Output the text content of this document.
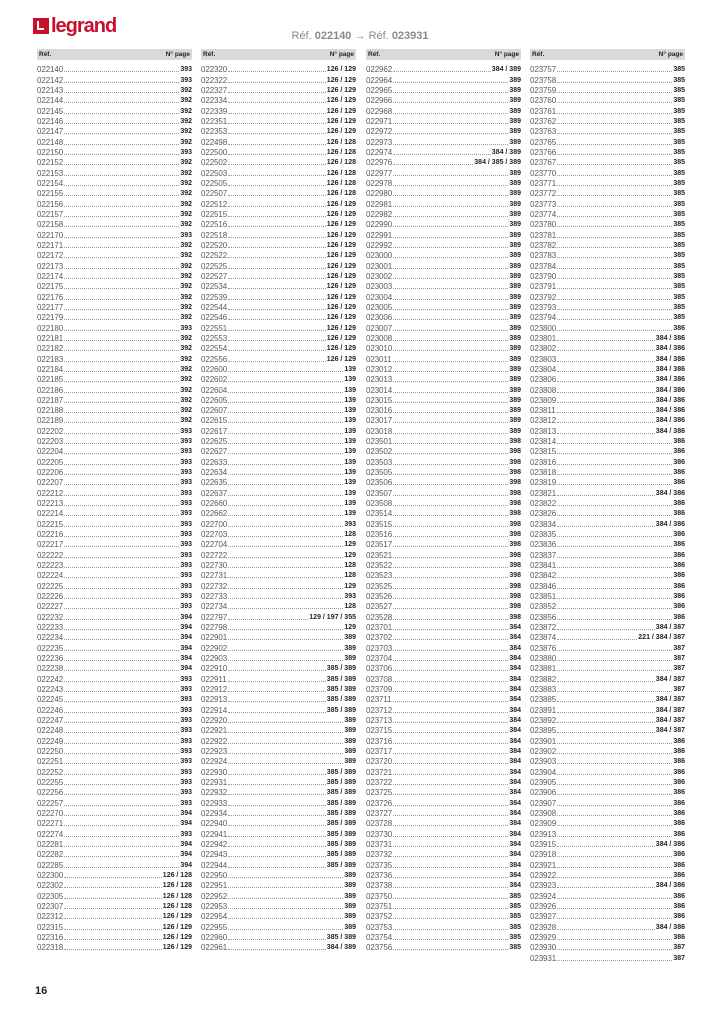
legrand	Réf. 022140 → Réf. 023931
Réf.	N° page
022140	393
022142	393
022143	392
022144	392
022145	392
022146	392
022147	392
022148	392
022150	393
022152	392
022153	392
022154	392
022155	392
022156	392
022157	392
022158	392
022170	393
022171	392
022172	392
022173	392
022174	392
022175	392
022176	392
022177	392
022179	392
022180	393
022181	392
022182	392
022183	392
022184	392
022185	392
022186	392
022187	392
022188	392
022189	392
022202	393
022203	393
022204	393
022205	393
022206	393
022207	393
022212	393
022213	393
022214	393
022215	393
022216	393
022217	393
022222	393
022223	393
022224	393
022225	393
022226	393
022227	393
022232	394
022233	394
022234	394
022235	394
022236	394
022238	394
022242	393
022243	393
022245	393
022246	393
022247	393
022248	393
022249	393
022250	393
022251	393
022252	393
022255	393
022256	393
022257	393
022270	394
022271	394
022274	393
022281	394
022282	394
022285	394
022300	126 / 128
022302	126 / 128
022305	126 / 128
022307	126 / 128
022312	126 / 129
022315	126 / 129
022316	126 / 129
022318	126 / 129
Réf.	N° page
022320	126 / 129
022322	126 / 129
022327	126 / 129
022334	126 / 129
022339	126 / 129
022351	126 / 129
022353	126 / 129
022498	126 / 128
022500	126 / 128
022502	126 / 128
022503	126 / 128
022505	126 / 128
022507	126 / 128
022512	126 / 129
022515	126 / 129
022516	126 / 129
022518	126 / 129
022520	126 / 129
022522	126 / 129
022525	126 / 129
022527	126 / 129
022534	126 / 129
022539	126 / 129
022544	126 / 129
022546	126 / 129
022551	126 / 129
022553	126 / 129
022554	126 / 129
022556	126 / 129
022600	139
022602	139
022604	139
022605	139
022607	139
022615	139
022617	139
022625	139
022627	139
022633	139
022634	139
022635	139
022637	139
022660	139
022662	139
022700	393
022703	128
022704	129
022722	129
022730	128
022731	128
022732	129
022733	393
022734	128
022797	129 / 197 / 355
022798	129
022901	389
022902	389
022903	389
022910	385 / 389
022911	385 / 389
022912	385 / 389
022913	385 / 389
022914	385 / 389
022920	389
022921	389
022922	389
022923	389
022924	389
022930	385 / 389
022931	385 / 389
022932	385 / 389
022933	385 / 389
022934	385 / 389
022940	385 / 389
022941	385 / 389
022942	385 / 389
022943	385 / 389
022944	385 / 389
022950	389
022951	389
022952	389
022953	389
022954	389
022955	389
022960	385 / 389
022961	384 / 389
Réf.	N° page
022962	384 / 389
022964	389
022965	389
022966	389
022968	389
022971	389
022972	389
022973	389
022974	384 / 389
022976	384 / 385 / 389
022977	389
022978	389
022980	389
022981	389
022982	389
022990	389
022991	389
022992	389
023000	389
023001	389
023002	389
023003	389
023004	389
023005	389
023006	389
023007	389
023008	389
023010	389
023011	389
023012	389
023013	389
023014	389
023015	389
023016	389
023017	389
023018	389
023501	398
023502	398
023503	398
023505	398
023506	398
023507	398
023508	398
023514	398
023515	398
023516	398
023517	398
023521	398
023522	398
023523	398
023525	398
023526	398
023527	398
023528	398
023701	384
023702	384
023703	384
023704	384
023706	384
023708	384
023709	384
023711	384
023712	384
023713	384
023715	384
023716	384
023717	384
023720	384
023721	384
023722	384
023725	384
023726	384
023727	384
023728	384
023730	384
023731	384
023732	384
023735	384
023736	384
023738	384
023750	385
023751	385
023752	385
023753	385
023754	385
023756	385
Réf.	N° page
023757	385
023758	385
023759	385
023760	385
023761	385
023762	385
023763	385
023765	385
023766	385
023767	385
023770	385
023771	385
023772	385
023773	385
023774	385
023780	385
023781	385
023782	385
023783	385
023784	385
023790	385
023791	385
023792	385
023793	385
023794	385
023800	386
023801	384 / 386
023802	384 / 386
023803	384 / 386
023804	384 / 386
023806	384 / 386
023808	384 / 386
023809	384 / 386
023811	384 / 386
023812	384 / 386
023813	384 / 386
023814	386
023815	386
023816	386
023818	386
023819	386
023821	384 / 386
023822	386
023826	386
023834	384 / 386
023835	386
023836	386
023837	386
023841	386
023842	386
023846	386
023851	386
023852	386
023856	386
023872	384 / 387
023874	221 / 384 / 387
023876	387
023880	387
023881	387
023882	384 / 387
023883	387
023885	384 / 387
023891	384 / 387
023892	384 / 387
023895	384 / 387
023901	386
023902	386
023903	386
023904	386
023905	386
023906	386
023907	386
023908	386
023909	386
023913	386
023915	384 / 386
023918	386
023921	386
023922	386
023923	384 / 386
023924	386
023926	386
023927	386
023928	384 / 386
023929	386
023930	387
023931	387
16
